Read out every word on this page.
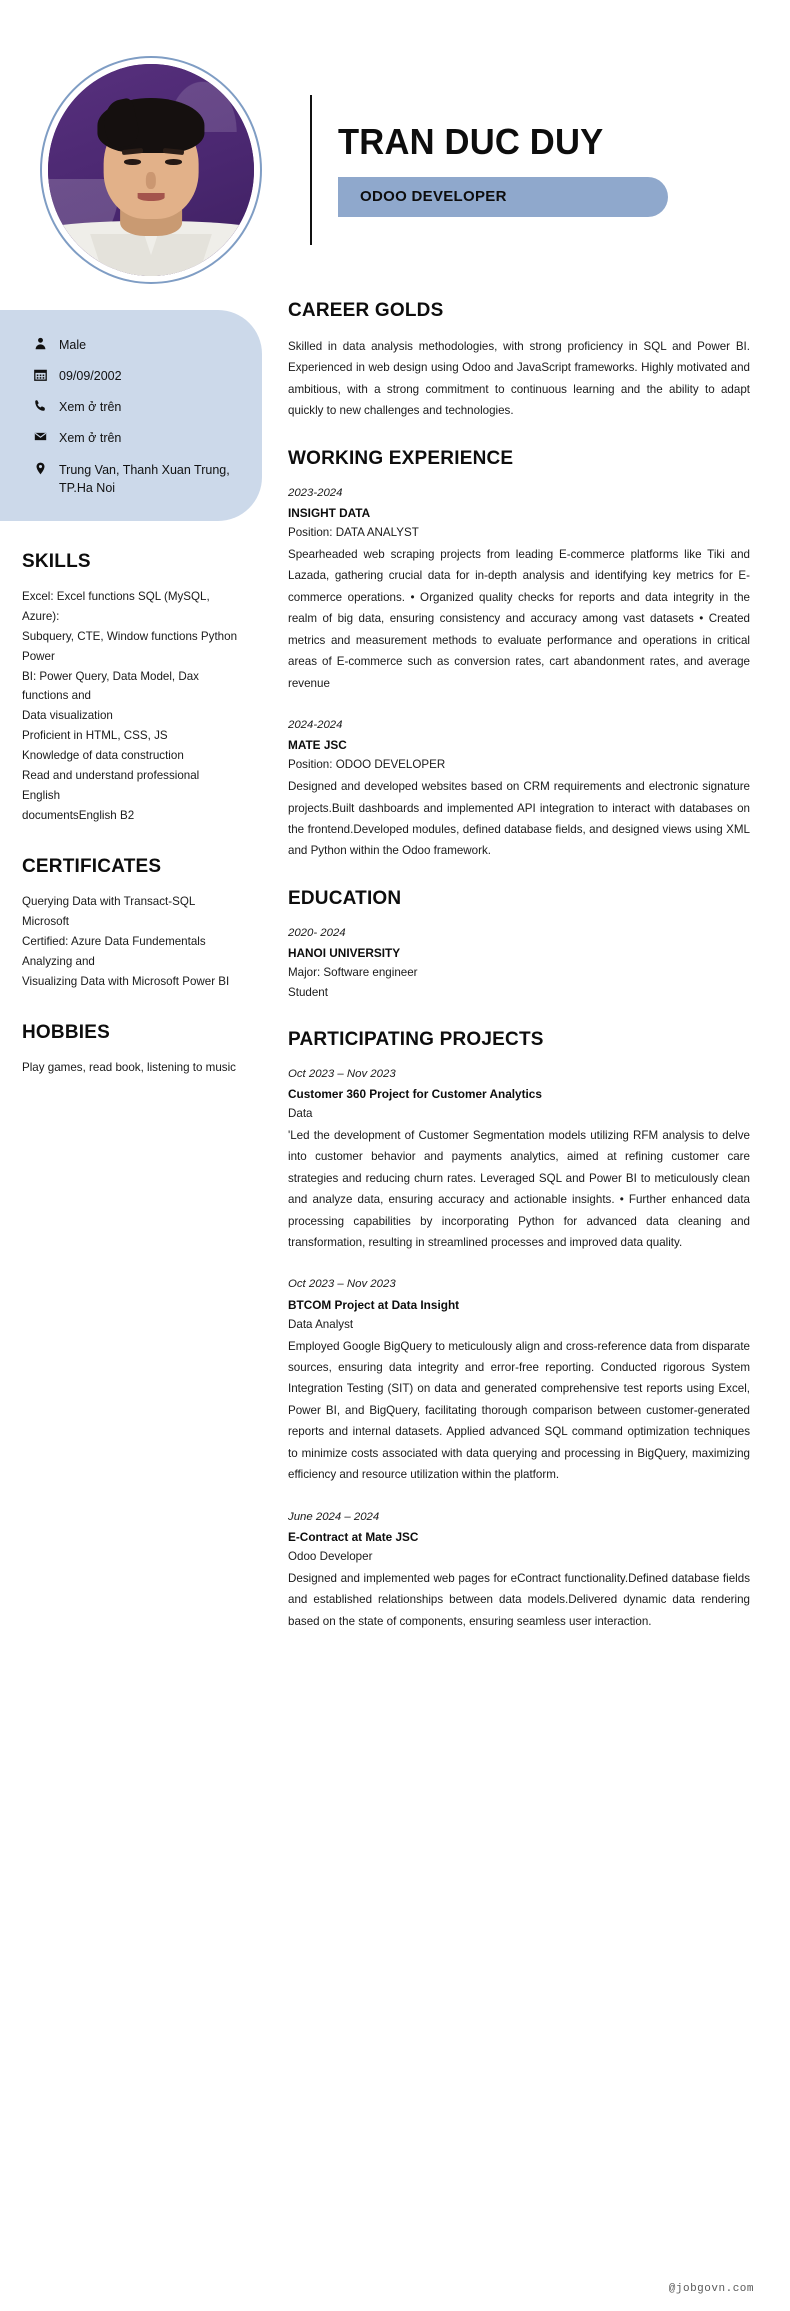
TRAN DUC DUY
ODOO DEVELOPER
Male
09/09/2002
Xem ở trên
Xem ở trên
Trung Van, Thanh Xuan Trung, TP.Ha Noi
SKILLS
Excel: Excel functions SQL (MySQL, Azure):
Subquery, CTE, Window functions Python Power
BI: Power Query, Data Model, Dax functions and
Data visualization
Proficient in HTML, CSS, JS
Knowledge of data construction
Read and understand professional English
documentsEnglish B2
CERTIFICATES
Querying Data with Transact-SQL Microsoft
Certified: Azure Data Fundementals Analyzing and
Visualizing Data with Microsoft Power BI
HOBBIES
Play games, read book, listening to music
CAREER GOLDS
Skilled in data analysis methodologies, with strong proficiency in SQL and Power BI. Experienced in web design using Odoo and JavaScript frameworks. Highly motivated and ambitious, with a strong commitment to continuous learning and the ability to adapt quickly to new challenges and technologies.
WORKING EXPERIENCE
2023-2024
INSIGHT DATA
Position: DATA ANALYST
Spearheaded web scraping projects from leading E-commerce platforms like Tiki and Lazada, gathering crucial data for in-depth analysis and identifying key metrics for E-commerce operations. • Organized quality checks for reports and data integrity in the realm of big data, ensuring consistency and accuracy among vast datasets • Created metrics and measurement methods to evaluate performance and operations in critical areas of E-commerce such as conversion rates, cart abandonment rates, and average revenue
2024-2024
MATE JSC
Position: ODOO DEVELOPER
Designed and developed websites based on CRM requirements and electronic signature projects.Built dashboards and implemented API integration to interact with databases on the frontend.Developed modules, defined database fields, and designed views using XML and Python within the Odoo framework.
EDUCATION
2020- 2024
HANOI UNIVERSITY
Major: Software engineer
Student
PARTICIPATING PROJECTS
Oct 2023 – Nov 2023
Customer 360 Project for Customer Analytics
Data
'Led the development of Customer Segmentation models utilizing RFM analysis to delve into customer behavior and payments analytics, aimed at refining customer care strategies and reducing churn rates. Leveraged SQL and Power BI to meticulously clean and analyze data, ensuring accuracy and actionable insights. • Further enhanced data processing capabilities by incorporating Python for advanced data cleaning and transformation, resulting in streamlined processes and improved data quality.
Oct 2023 – Nov 2023
BTCOM Project at Data Insight
Data Analyst
Employed Google BigQuery to meticulously align and cross-reference data from disparate sources, ensuring data integrity and error-free reporting. Conducted rigorous System Integration Testing (SIT) on data and generated comprehensive test reports using Excel, Power BI, and BigQuery, facilitating thorough comparison between customer-generated reports and internal datasets. Applied advanced SQL command optimization techniques to minimize costs associated with data querying and processing in BigQuery, maximizing efficiency and resource utilization within the platform.
June 2024 – 2024
E-Contract at Mate JSC
Odoo Developer
Designed and implemented web pages for eContract functionality.Defined database fields and established relationships between data models.Delivered dynamic data rendering based on the state of components, ensuring seamless user interaction.
@jobgovn.com
